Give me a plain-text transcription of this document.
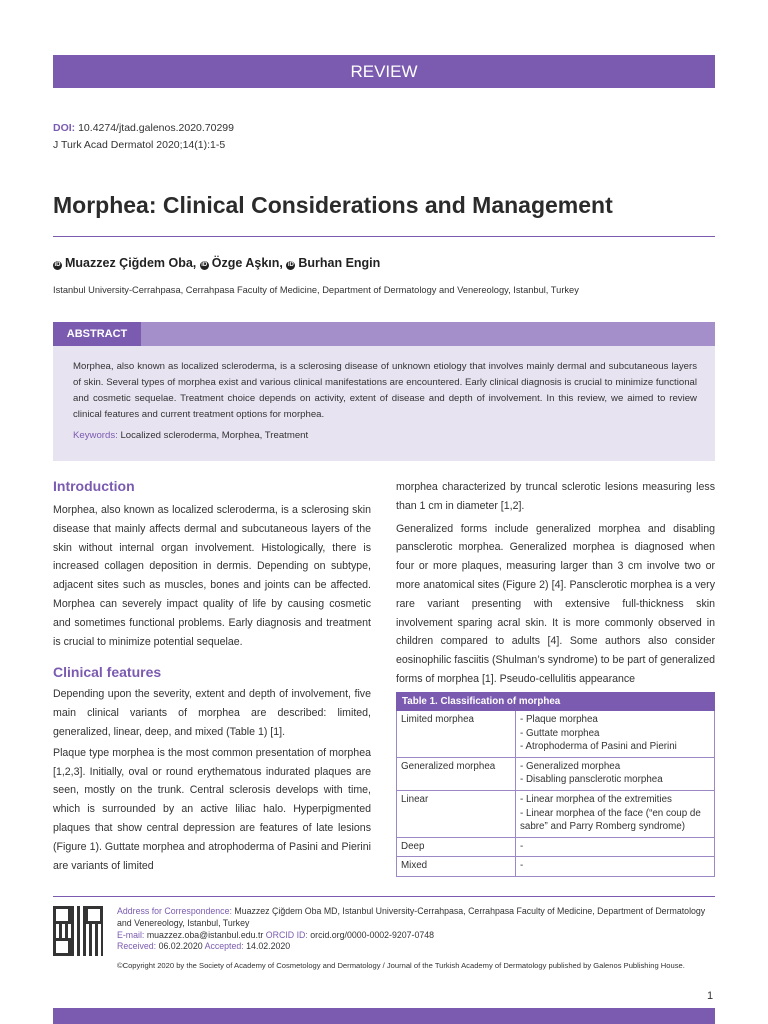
REVIEW
DOI: 10.4274/jtad.galenos.2020.70299
J Turk Acad Dermatol 2020;14(1):1-5
Morphea: Clinical Considerations and Management
iD Muazzez Çiğdem Oba, iD Özge Aşkın, iD Burhan Engin
Istanbul University-Cerrahpasa, Cerrahpasa Faculty of Medicine, Department of Dermatology and Venereology, Istanbul, Turkey
ABSTRACT
Morphea, also known as localized scleroderma, is a sclerosing disease of unknown etiology that involves mainly dermal and subcutaneous layers of skin. Several types of morphea exist and various clinical manifestations are encountered. Early clinical diagnosis is crucial to minimize functional and cosmetic sequelae. Treatment choice depends on activity, extent of disease and depth of involvement. In this review, we aimed to review clinical features and current treatment options for morphea.
Keywords: Localized scleroderma, Morphea, Treatment
Introduction

Morphea, also known as localized scleroderma, is a sclerosing skin disease that mainly affects dermal and subcutaneous layers of the skin without internal organ involvement. Histologically, there is increased collagen deposition in dermis. Depending on subtype, adjacent sites such as muscles, bones and joints can be affected. Morphea can severely impact quality of life by causing cosmetic and sometimes functional problems. Early diagnosis and treatment is crucial to minimize potential sequelae.

Clinical features

Depending upon the severity, extent and depth of involvement, five main clinical variants of morphea are described: limited, generalized, linear, deep, and mixed (Table 1) [1].

Plaque type morphea is the most common presentation of morphea [1,2,3]. Initially, oval or round erythematous indurated plaques are seen, mostly on the trunk. Central sclerosis develops with time, which is surrounded by an active liliac halo. Hyperpigmented plaques that show central depression are features of late lesions (Figure 1). Guttate morphea and atrophoderma of Pasini and Pierini are variants of limited

morphea characterized by truncal sclerotic lesions measuring less than 1 cm in diameter [1,2].

Generalized forms include generalized morphea and disabling pansclerotic morphea. Generalized morphea is diagnosed when four or more plaques, measuring larger than 3 cm involve two or more anatomical sites (Figure 2) [4]. Pansclerotic morphea is a very rare variant presenting with extensive full-thickness skin involvement sparing acral skin. It is more commonly observed in children compared to adults [4]. Some authors also consider eosinophilic fasciitis (Shulman’s syndrome) to be part of generalized forms of morphea [1]. Pseudo-cellulitis appearance

Table 1. Classification of morphea
Limited morphea	- Plaque morphea
- Guttate morphea
- Atrophoderma of Pasini and Pierini

Generalized morphea	- Generalized morphea
- Disabling pansclerotic morphea

Linear	- Linear morphea of the extremities
- Linear morphea of the face (“en coup de sabre” and Parry Romberg syndrome)

Deep	-

Mixed	-
Address for Correspondence: Muazzez Çiğdem Oba MD, Istanbul University-Cerrahpasa, Cerrahpasa Faculty of Medicine, Department of Dermatology and Venereology, Istanbul, Turkey
E-mail: muazzez.oba@istanbul.edu.tr ORCID ID: orcid.org/0000-0002-9207-0748
Received: 06.02.2020 Accepted: 14.02.2020
©Copyright 2020 by the Society of Academy of Cosmetology and Dermatology / Journal of the Turkish Academy of Dermatology published by Galenos Publishing House.
1
